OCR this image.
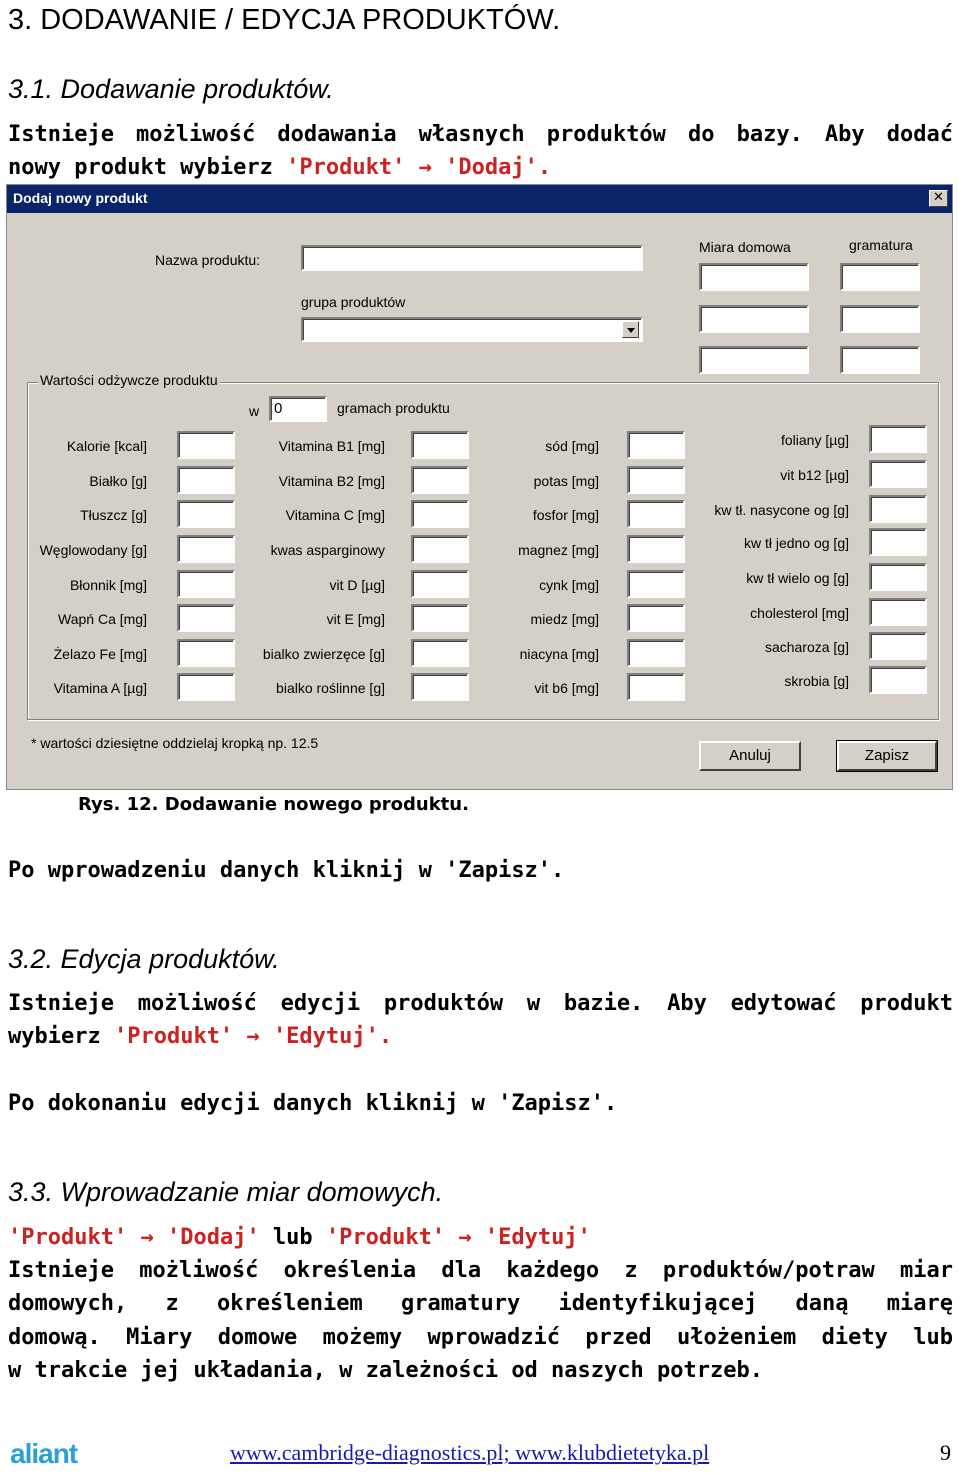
3. DODAWANIE / EDYCJA PRODUKTÓW.
3.1. Dodawanie produktów.
Istnieje możliwość dodawania własnych produktów do bazy. Aby dodać
nowy produkt wybierz 'Produkt' → 'Dodaj'.
Dodaj nowy produkt	✕
Nazwa produktu:
grupa produktów
Miara domowa	gramatura
Wartości odżywcze produktu
w 0	gramach produktu
Kalorie [kcal]
Białko [g]
Tłuszcz [g]
Węglowodany [g]
Błonnik [mg]
Wapń Ca [mg]
Żelazo Fe [mg]
Vitamina A [µg]
Vitamina B1 [mg]
Vitamina B2 [mg]
Vitamina C [mg]
kwas asparginowy
vit D [µg]
vit E [mg]
bialko zwierzęce [g]
bialko roślinne [g]
sód [mg]
potas [mg]
fosfor [mg]
magnez [mg]
cynk [mg]
miedz [mg]
niacyna [mg]
vit b6 [mg]
foliany [µg]
vit b12 [µg]
kw tł. nasycone og [g]
kw tł jedno og [g]
kw tł wielo og [g]
cholesterol [mg]
sacharoza [g]
skrobia [g]
* wartości dziesiętne oddzielaj kropką np. 12.5
Anuluj	Zapisz
Rys. 12. Dodawanie nowego produktu.
Po wprowadzeniu danych kliknij w 'Zapisz'.
3.2. Edycja produktów.
Istnieje możliwość edycji produktów w bazie. Aby edytować produkt
wybierz 'Produkt' → 'Edytuj'.
Po dokonaniu edycji danych kliknij w 'Zapisz'.
3.3. Wprowadzanie miar domowych.
'Produkt' → 'Dodaj' lub 'Produkt' → 'Edytuj'
Istnieje możliwość określenia dla każdego z produktów/potraw miar
domowych, z określeniem gramatury identyfikującej daną miarę
domową. Miary domowe możemy wprowadzić przed ułożeniem diety lub
w trakcie jej układania, w zależności od naszych potrzeb.
aliant	www.cambridge-diagnostics.pl; www.klubdietetyka.pl	9
